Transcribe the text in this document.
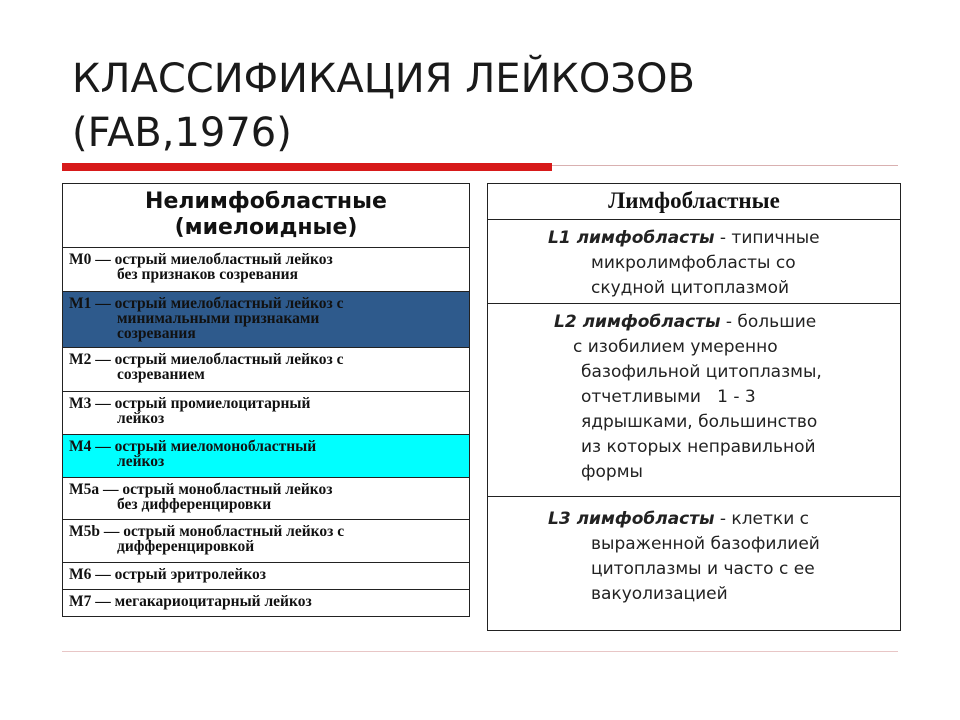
КЛАССИФИКАЦИЯ ЛЕЙКОЗОВ
(FAB,1976)
Нелимфобластные
(миелоидные)
M0 — острый миелобластный лейкоз
без признаков созревания
M1 — острый миелобластный лейкоз с
минимальными признаками
созревания
M2 — острый миелобластный лейкоз с
созреванием
M3 — острый промиелоцитарный
лейкоз
M4 — острый миеломонобластный
лейкоз
M5a — острый монобластный лейкоз
без дифференцировки
M5b — острый монобластный лейкоз с
дифференцировкой
M6 — острый эритролейкоз
M7 — мегакариоцитарный лейкоз
Лимфобластные
L1 лимфобласты - типичные
микролимфобласты со
скудной цитоплазмой
L2 лимфобласты - большие
с изобилием умеренно
базофильной цитоплазмы,
отчетливыми   1 - 3
ядрышками, большинство
из которых неправильной
формы
L3 лимфобласты - клетки с
выраженной базофилией
цитоплазмы и часто с ее
вакуолизацией
